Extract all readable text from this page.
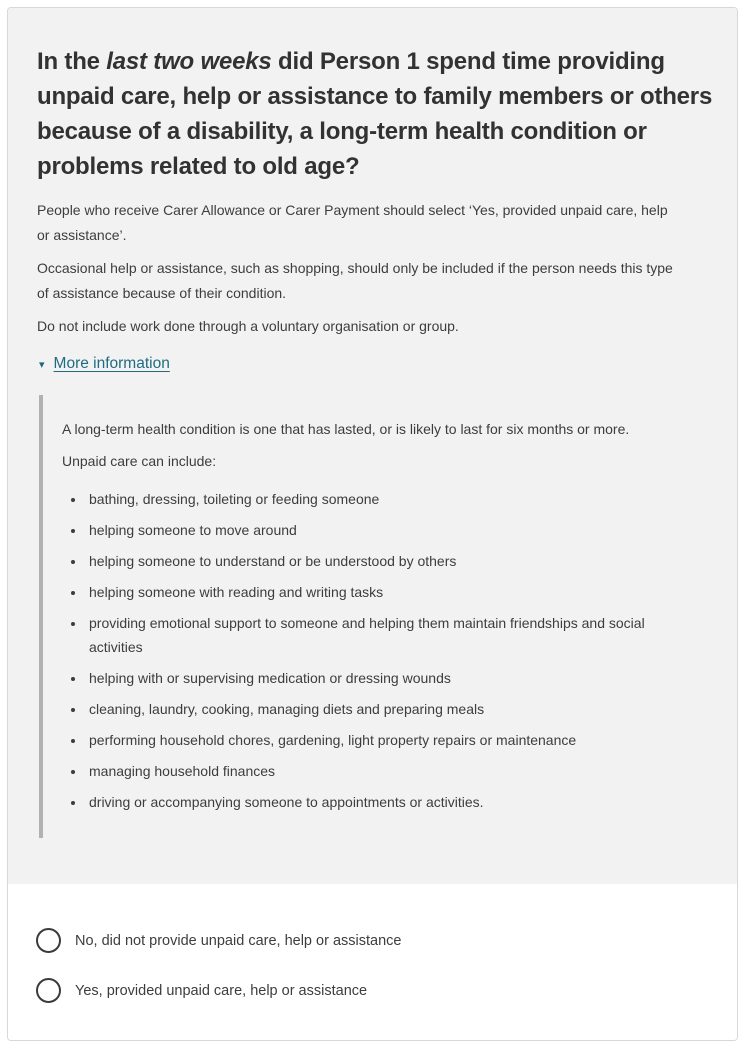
In the last two weeks did Person 1 spend time providing unpaid care, help or assistance to family members or others because of a disability, a long-term health condition or problems related to old age?

People who receive Carer Allowance or Carer Payment should select ‘Yes, provided unpaid care, help or assistance’.

Occasional help or assistance, such as shopping, should only be included if the person needs this type of assistance because of their condition.

Do not include work done through a voluntary organisation or group.

▾ More information

A long-term health condition is one that has lasted, or is likely to last for six months or more.

Unpaid care can include:

• bathing, dressing, toileting or feeding someone
• helping someone to move around
• helping someone to understand or be understood by others
• helping someone with reading and writing tasks
• providing emotional support to someone and helping them maintain friendships and social activities
• helping with or supervising medication or dressing wounds
• cleaning, laundry, cooking, managing diets and preparing meals
• performing household chores, gardening, light property repairs or maintenance
• managing household finances
• driving or accompanying someone to appointments or activities.
No, did not provide unpaid care, help or assistance
Yes, provided unpaid care, help or assistance
